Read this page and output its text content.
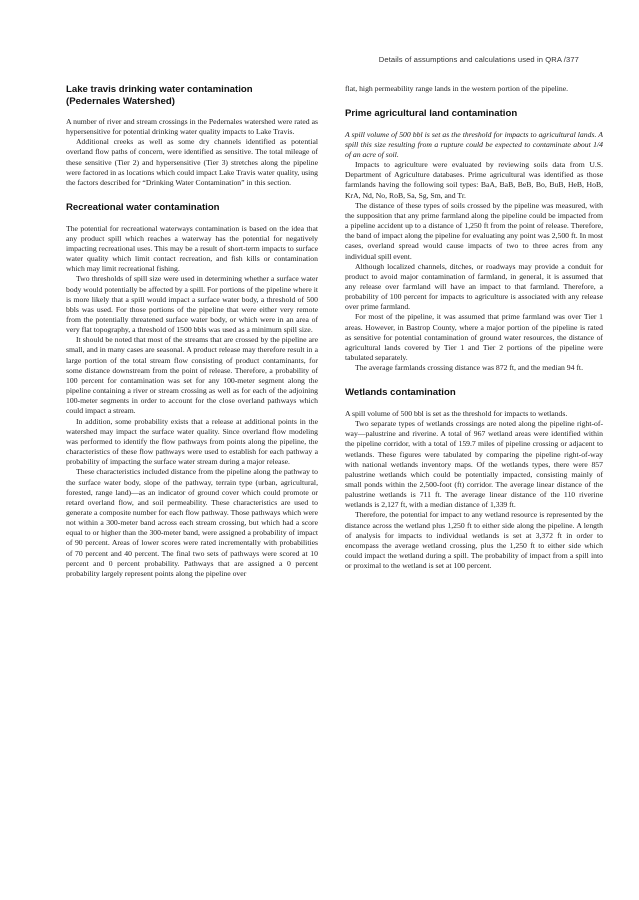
Details of assumptions and calculations used in QRA /377
Lake travis drinking water contamination (Pedernales Watershed)

A number of river and stream crossings in the Pedernales watershed were rated as hypersensitive for potential drinking water quality impacts to Lake Travis.

Additional creeks as well as some dry channels identified as potential overland flow paths of concern, were identified as sensitive. The total mileage of these sensitive (Tier 2) and hypersensitive (Tier 3) stretches along the pipeline were factored in as locations which could impact Lake Travis water quality, using the factors described for “Drinking Water Contamination” in this section.

Recreational water contamination

The potential for recreational waterways contamination is based on the idea that any product spill which reaches a waterway has the potential for negatively impacting recreational uses. This may be a result of short-term impacts to surface water quality which limit contact recreation, and fish kills or contamination which may limit recreational fishing.

Two thresholds of spill size were used in determining whether a surface water body would potentially be affected by a spill. For portions of the pipeline where it is more likely that a spill would impact a surface water body, a threshold of 500 bbls was used. For those portions of the pipeline that were either very remote from the potentially threatened surface water body, or which were in an area of very flat topography, a threshold of 1500 bbls was used as a minimum spill size.

It should be noted that most of the streams that are crossed by the pipeline are small, and in many cases are seasonal. A product release may therefore result in a large portion of the total stream flow consisting of product contaminants, for some distance downstream from the point of release. Therefore, a probability of 100 percent for contamination was set for any 100-meter segment along the pipeline containing a river or stream crossing as well as for each of the adjoining 100-meter segments in order to account for the close overland pathways which could impact a stream.

In addition, some probability exists that a release at additional points in the watershed may impact the surface water quality. Since overland flow modeling was performed to identify the flow pathways from points along the pipeline, the characteristics of these flow pathways were used to establish for each pathway a probability of impacting the surface water stream during a major release.

These characteristics included distance from the pipeline along the pathway to the surface water body, slope of the pathway, terrain type (urban, agricultural, forested, range land)—as an indicator of ground cover which could promote or retard overland flow, and soil permeability. These characteristics are used to generate a composite number for each flow pathway. Those pathways which were not within a 300-meter band across each stream crossing, but which had a score equal to or higher than the 300-meter band, were assigned a probability of impact of 90 percent. Areas of lower scores were rated incrementally with probabilities of 70 percent and 40 percent. The final two sets of pathways were scored at 10 percent and 0 percent probability. Pathways that are assigned a 0 percent probability largely represent points along the pipeline over

flat, high permeability range lands in the western portion of the pipeline.

Prime agricultural land contamination

A spill volume of 500 bbl is set as the threshold for impacts to agricultural lands. A spill this size resulting from a rupture could be expected to contaminate about 1/4 of an acre of soil.

Impacts to agriculture were evaluated by reviewing soils data from U.S. Department of Agriculture databases. Prime agricultural was identified as those farmlands having the following soil types: BaA, BaB, BeB, Bo, BuB, HeB, HoB, KrA, Nd, No, RoB, Sa, Sg, Sm, and Tr.

The distance of these types of soils crossed by the pipeline was measured, with the supposition that any prime farmland along the pipeline could be impacted from a pipeline accident up to a distance of 1,250 ft from the point of release. Therefore, the band of impact along the pipeline for evaluating any point was 2,500 ft. In most cases, overland spread would cause impacts of two to three acres from any individual spill event.

Although localized channels, ditches, or roadways may provide a conduit for product to avoid major contamination of farmland, in general, it is assumed that any release over farmland will have an impact to that farmland. Therefore, a probability of 100 percent for impacts to agriculture is associated with any release over prime farmland.

For most of the pipeline, it was assumed that prime farmland was over Tier 1 areas. However, in Bastrop County, where a major portion of the pipeline is rated as sensitive for potential contamination of ground water resources, the distance of agricultural lands covered by Tier 1 and Tier 2 portions of the pipeline were tabulated separately.

The average farmlands crossing distance was 872 ft, and the median 94 ft.

Wetlands contamination

A spill volume of 500 bbl is set as the threshold for impacts to wetlands.

Two separate types of wetlands crossings are noted along the pipeline right-of-way—palustrine and riverine. A total of 967 wetland areas were identified within the pipeline corridor, with a total of 159.7 miles of pipeline crossing or adjacent to wetlands. These figures were tabulated by comparing the pipeline right-of-way with national wetlands inventory maps. Of the wetlands types, there were 857 palustrine wetlands which could be potentially impacted, consisting mainly of small ponds within the 2,500-foot (ft) corridor. The average linear distance of the palustrine wetlands is 711 ft. The average linear distance of the 110 riverine wetlands is 2,127 ft, with a median distance of 1,339 ft.

Therefore, the potential for impact to any wetland resource is represented by the distance across the wetland plus 1,250 ft to either side along the pipeline. A length of analysis for impacts to individual wetlands is set at 3,372 ft in order to encompass the average wetland crossing, plus the 1,250 ft to either side which could impact the wetland during a spill. The probability of impact from a spill into or proximal to the wetland is set at 100 percent.
